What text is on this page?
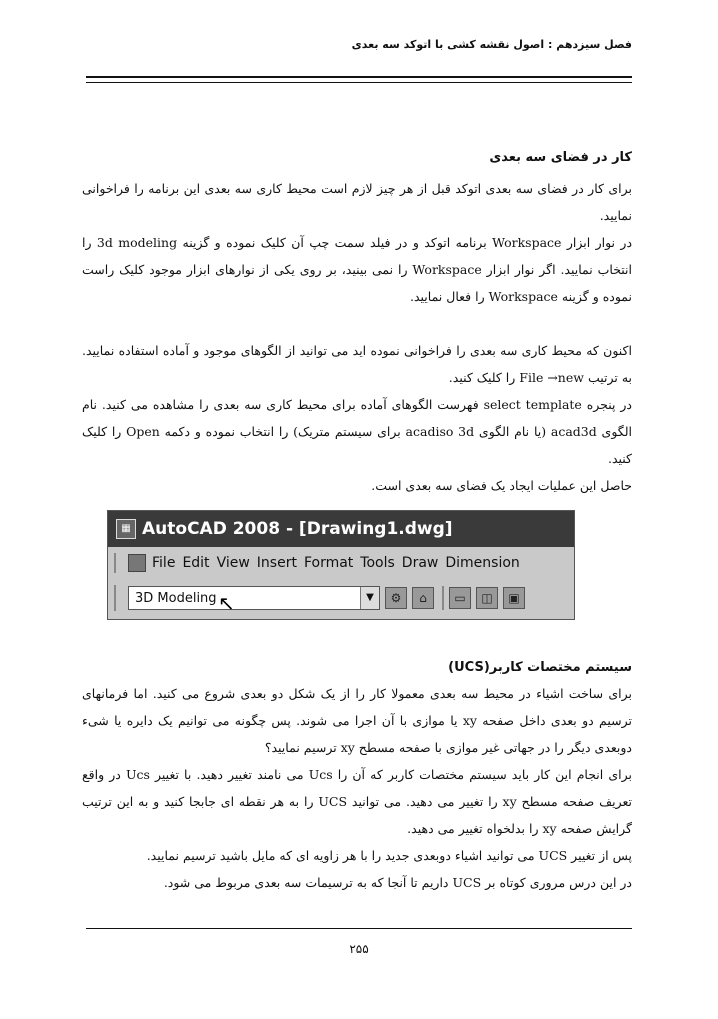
فصل سیزدهم : اصول نقشه کشی با اتوکد سه بعدی
کار در فضای سه بعدی

برای کار در فضای سه بعدی اتوکد قبل از هر چیز لازم است محیط کاری سه بعدی این برنامه را فراخوانی نمایید.

در نوار ابزار Workspace برنامه اتوکد و در فیلد سمت چپ آن کلیک نموده و گزینه 3d modeling را انتخاب نمایید. اگر نوار ابزار Workspace را نمی بینید، بر روی یکی از نوارهای ابزار موجود کلیک راست نموده و گزینه Workspace را فعال نمایید.

اکنون که محیط کاری سه بعدی را فراخوانی نموده اید می توانید از الگوهای موجود و آماده استفاده نمایید. به ترتیب File →new را کلیک کنید.

در پنجره select template فهرست الگوهای آماده برای محیط کاری سه بعدی را مشاهده می کنید. نام الگوی acad3d (یا نام الگوی acadiso 3d برای سیستم متریک) را انتخاب نموده و دکمه Open را کلیک کنید.

حاصل این عملیات ایجاد یک فضای سه بعدی است.

▦ AutoCAD 2008 - [Drawing1.dwg]
File Edit View Insert Format Tools Draw Dimension
3D Modeling	▼	⚙	⌂	▭	◫	▣
↖
سیستم مختصات کاربر(UCS)

برای ساخت اشیاء در محیط سه بعدی معمولا کار را از یک شکل دو بعدی شروع می کنید. اما فرمانهای ترسیم دو بعدی داخل صفحه xy یا موازی با آن اجرا می شوند. پس چگونه می توانیم یک دایره یا شیء دوبعدی دیگر را در جهاتی غیر موازی با صفحه مسطح xy ترسیم نمایید؟

برای انجام این کار باید سیستم مختصات کاربر که آن را Ucs می نامند تغییر دهید. با تغییر Ucs در واقع تعریف صفحه مسطح xy را تغییر می دهید. می توانید UCS را به هر نقطه ای جابجا کنید و به این ترتیب گرایش صفحه xy را بدلخواه تغییر می دهید.

پس از تغییر UCS می توانید اشیاء دوبعدی جدید را با هر زاویه ای که مایل باشید ترسیم نمایید.

در این درس مروری کوتاه بر UCS داریم تا آنجا که به ترسیمات سه بعدی مربوط می شود.

۲۵۵
